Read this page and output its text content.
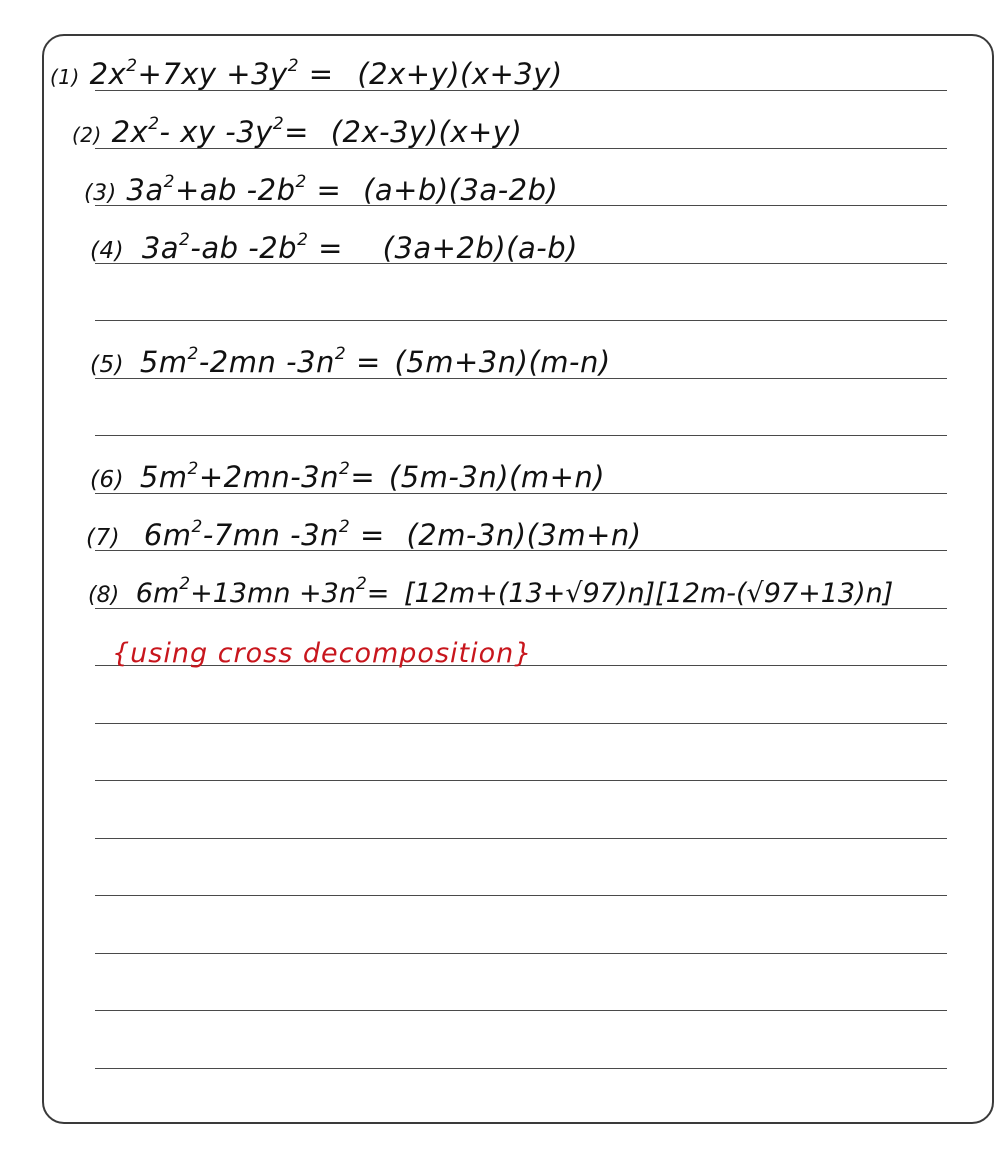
(1) $2x^2+7xy +3y^2 = (2x+y)(x+3y)$
(2) $2x^2-$ xy $-3y^2= (2x-3y)(x+y)$
(3) $3a^2+ab$ $-2b^2 = (a+b)(3a-2b)$
(4) $3a^2-ab$ $-2b^2 = (3a+2b)(a-b)$
(5) $5m^2-2mn$ $-3n^2 = (5m+3n)(m-n)$
(6) $5m^2+2mn-3n^2= (5m-3n)(m+n)$
(7) $6m^2-7mn$ $-3n^2 = (2m-3n)(3m+n)$
(8) $6m^2+13mn +3n^2= [12m+(13+√97)n][12m-(√97+13)n]$
{using cross decomposition}
